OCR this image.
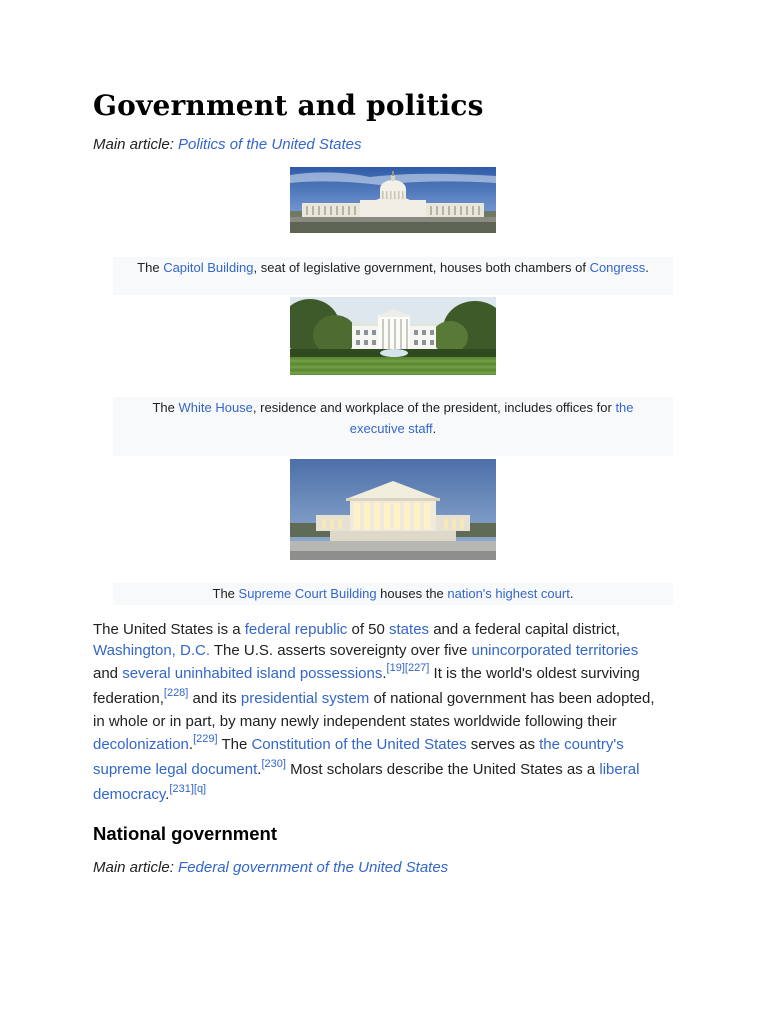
Government and politics
Main article: Politics of the United States
The Capitol Building, seat of legislative government, houses both chambers of Congress.
The White House, residence and workplace of the president, includes offices for the
executive staff.
The Supreme Court Building houses the nation's highest court.
The United States is a federal republic of 50 states and a federal capital district,
Washington, D.C. The U.S. asserts sovereignty over five unincorporated territories
and several uninhabited island possessions.[19][227] It is the world's oldest surviving
federation,[228] and its presidential system of national government has been adopted,
in whole or in part, by many newly independent states worldwide following their
decolonization.[229] The Constitution of the United States serves as the country's
supreme legal document.[230] Most scholars describe the United States as a liberal
democracy.[231][q]
National government
Main article: Federal government of the United States
